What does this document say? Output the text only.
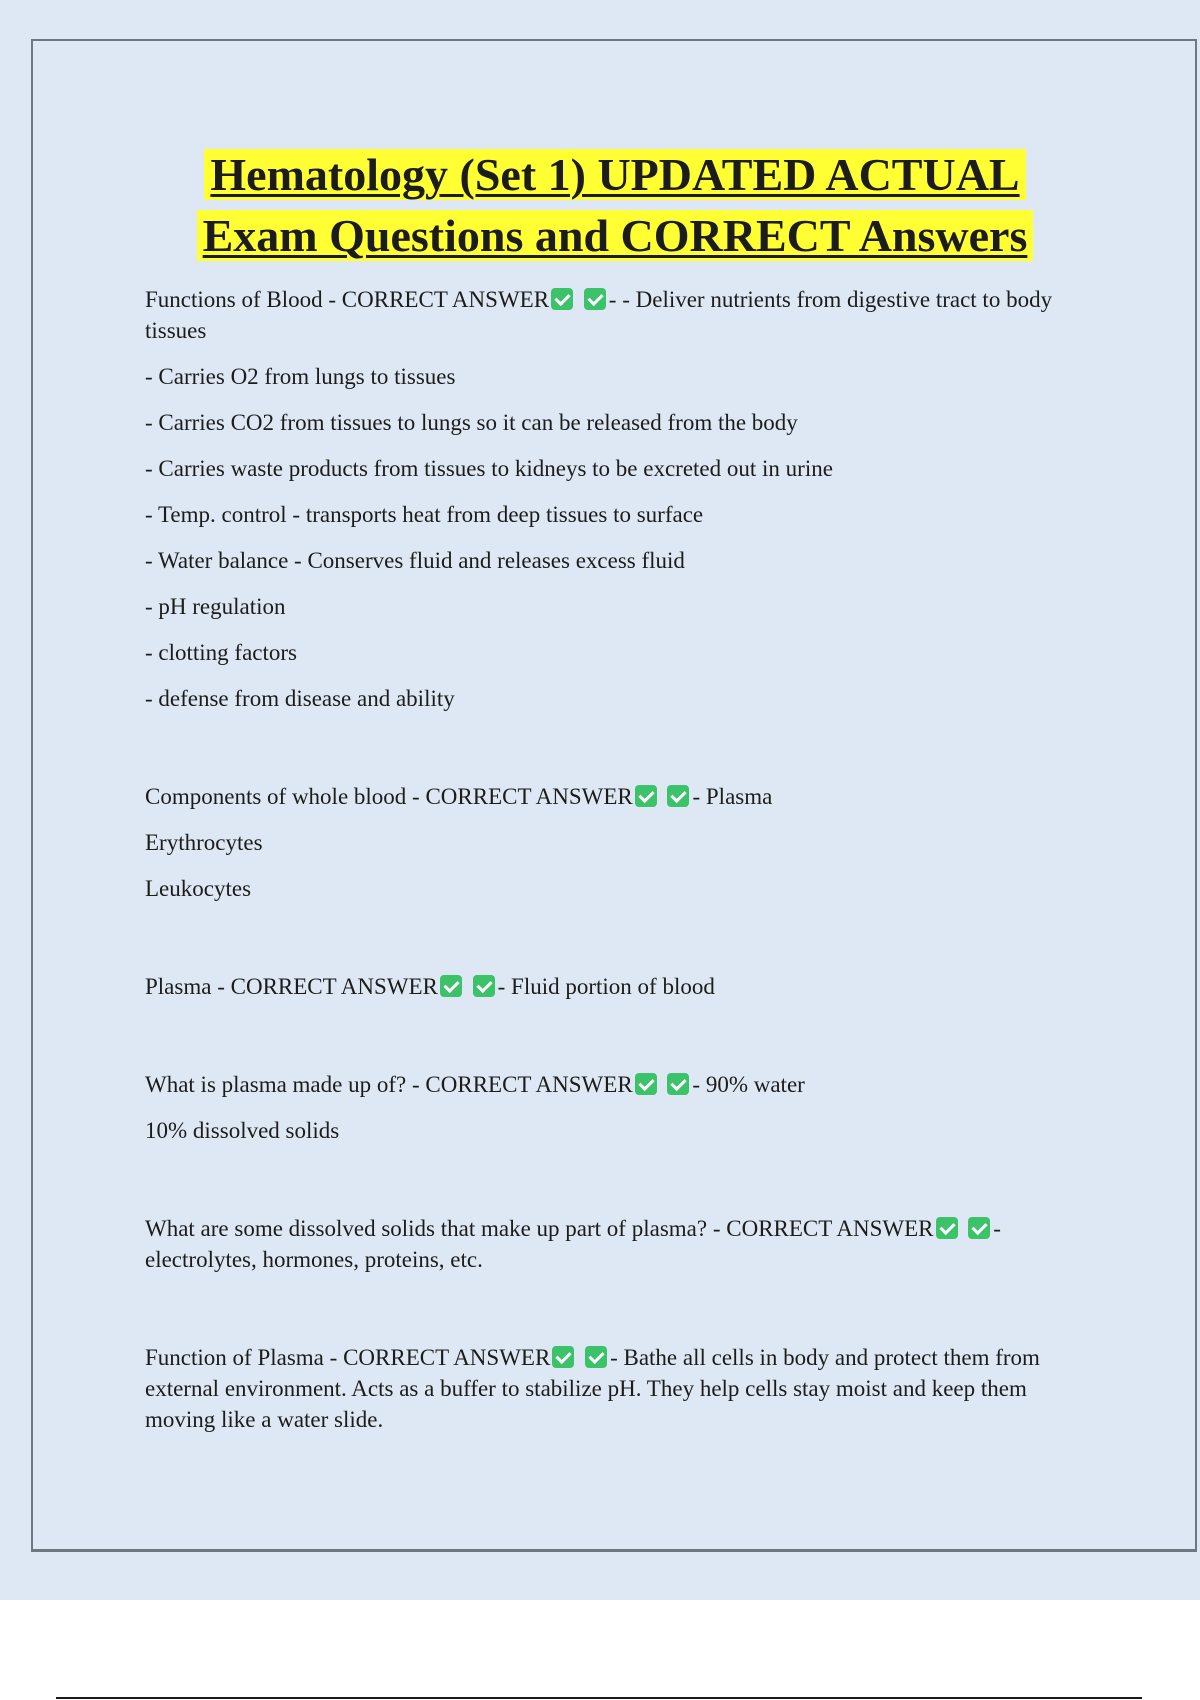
Hematology (Set 1) UPDATED ACTUAL
Exam Questions and CORRECT Answers

Functions of Blood - CORRECT ANSWER	- - Deliver nutrients from digestive tract to body tissues

- Carries O2 from lungs to tissues

- Carries CO2 from tissues to lungs so it can be released from the body

- Carries waste products from tissues to kidneys to be excreted out in urine

- Temp. control - transports heat from deep tissues to surface

- Water balance - Conserves fluid and releases excess fluid

- pH regulation

- clotting factors

- defense from disease and ability

Components of whole blood - CORRECT ANSWER	- Plasma

Erythrocytes

Leukocytes

Plasma - CORRECT ANSWER	- Fluid portion of blood

What is plasma made up of? - CORRECT ANSWER	- 90% water

10% dissolved solids

What are some dissolved solids that make up part of plasma? - CORRECT ANSWER	- electrolytes, hormones, proteins, etc.

Function of Plasma - CORRECT ANSWER	- Bathe all cells in body and protect them from external environment. Acts as a buffer to stabilize pH. They help cells stay moist and keep them moving like a water slide.
